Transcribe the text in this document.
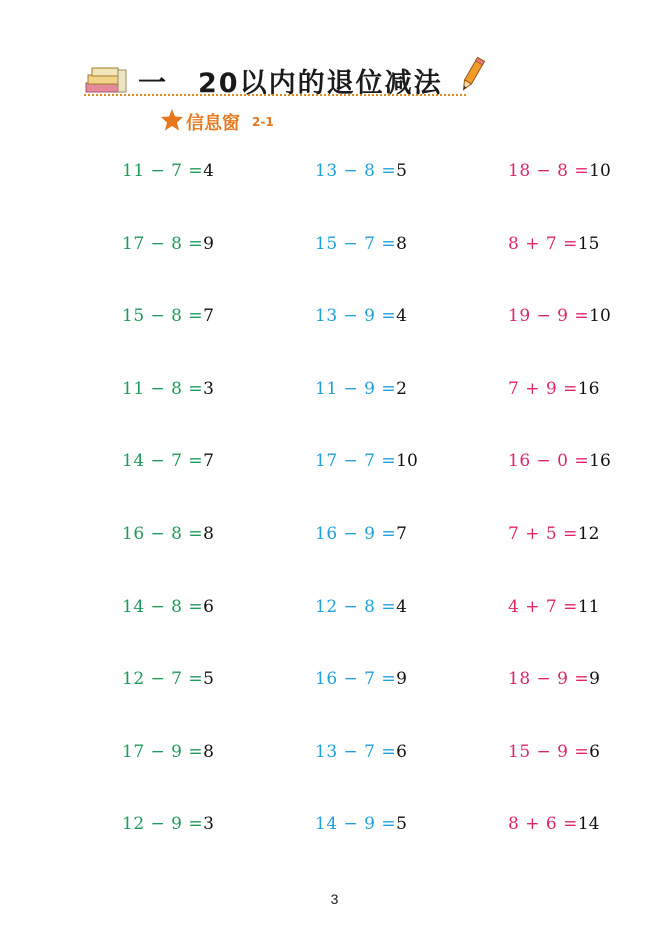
一 20以内的退位减法
信息窗 2-1
11 − 7 =4	13 − 8 =5	18 − 8 =10
17 − 8 =9	15 − 7 =8	8 + 7 =15
15 − 8 =7	13 − 9 =4	19 − 9 =10
11 − 8 =3	11 − 9 =2	7 + 9 =16
14 − 7 =7	17 − 7 =10	16 − 0 =16
16 − 8 =8	16 − 9 =7	7 + 5 =12
14 − 8 =6	12 − 8 =4	4 + 7 =11
12 − 7 =5	16 − 7 =9	18 − 9 =9
17 − 9 =8	13 − 7 =6	15 − 9 =6
12 − 9 =3	14 − 9 =5	8 + 6 =14
3
